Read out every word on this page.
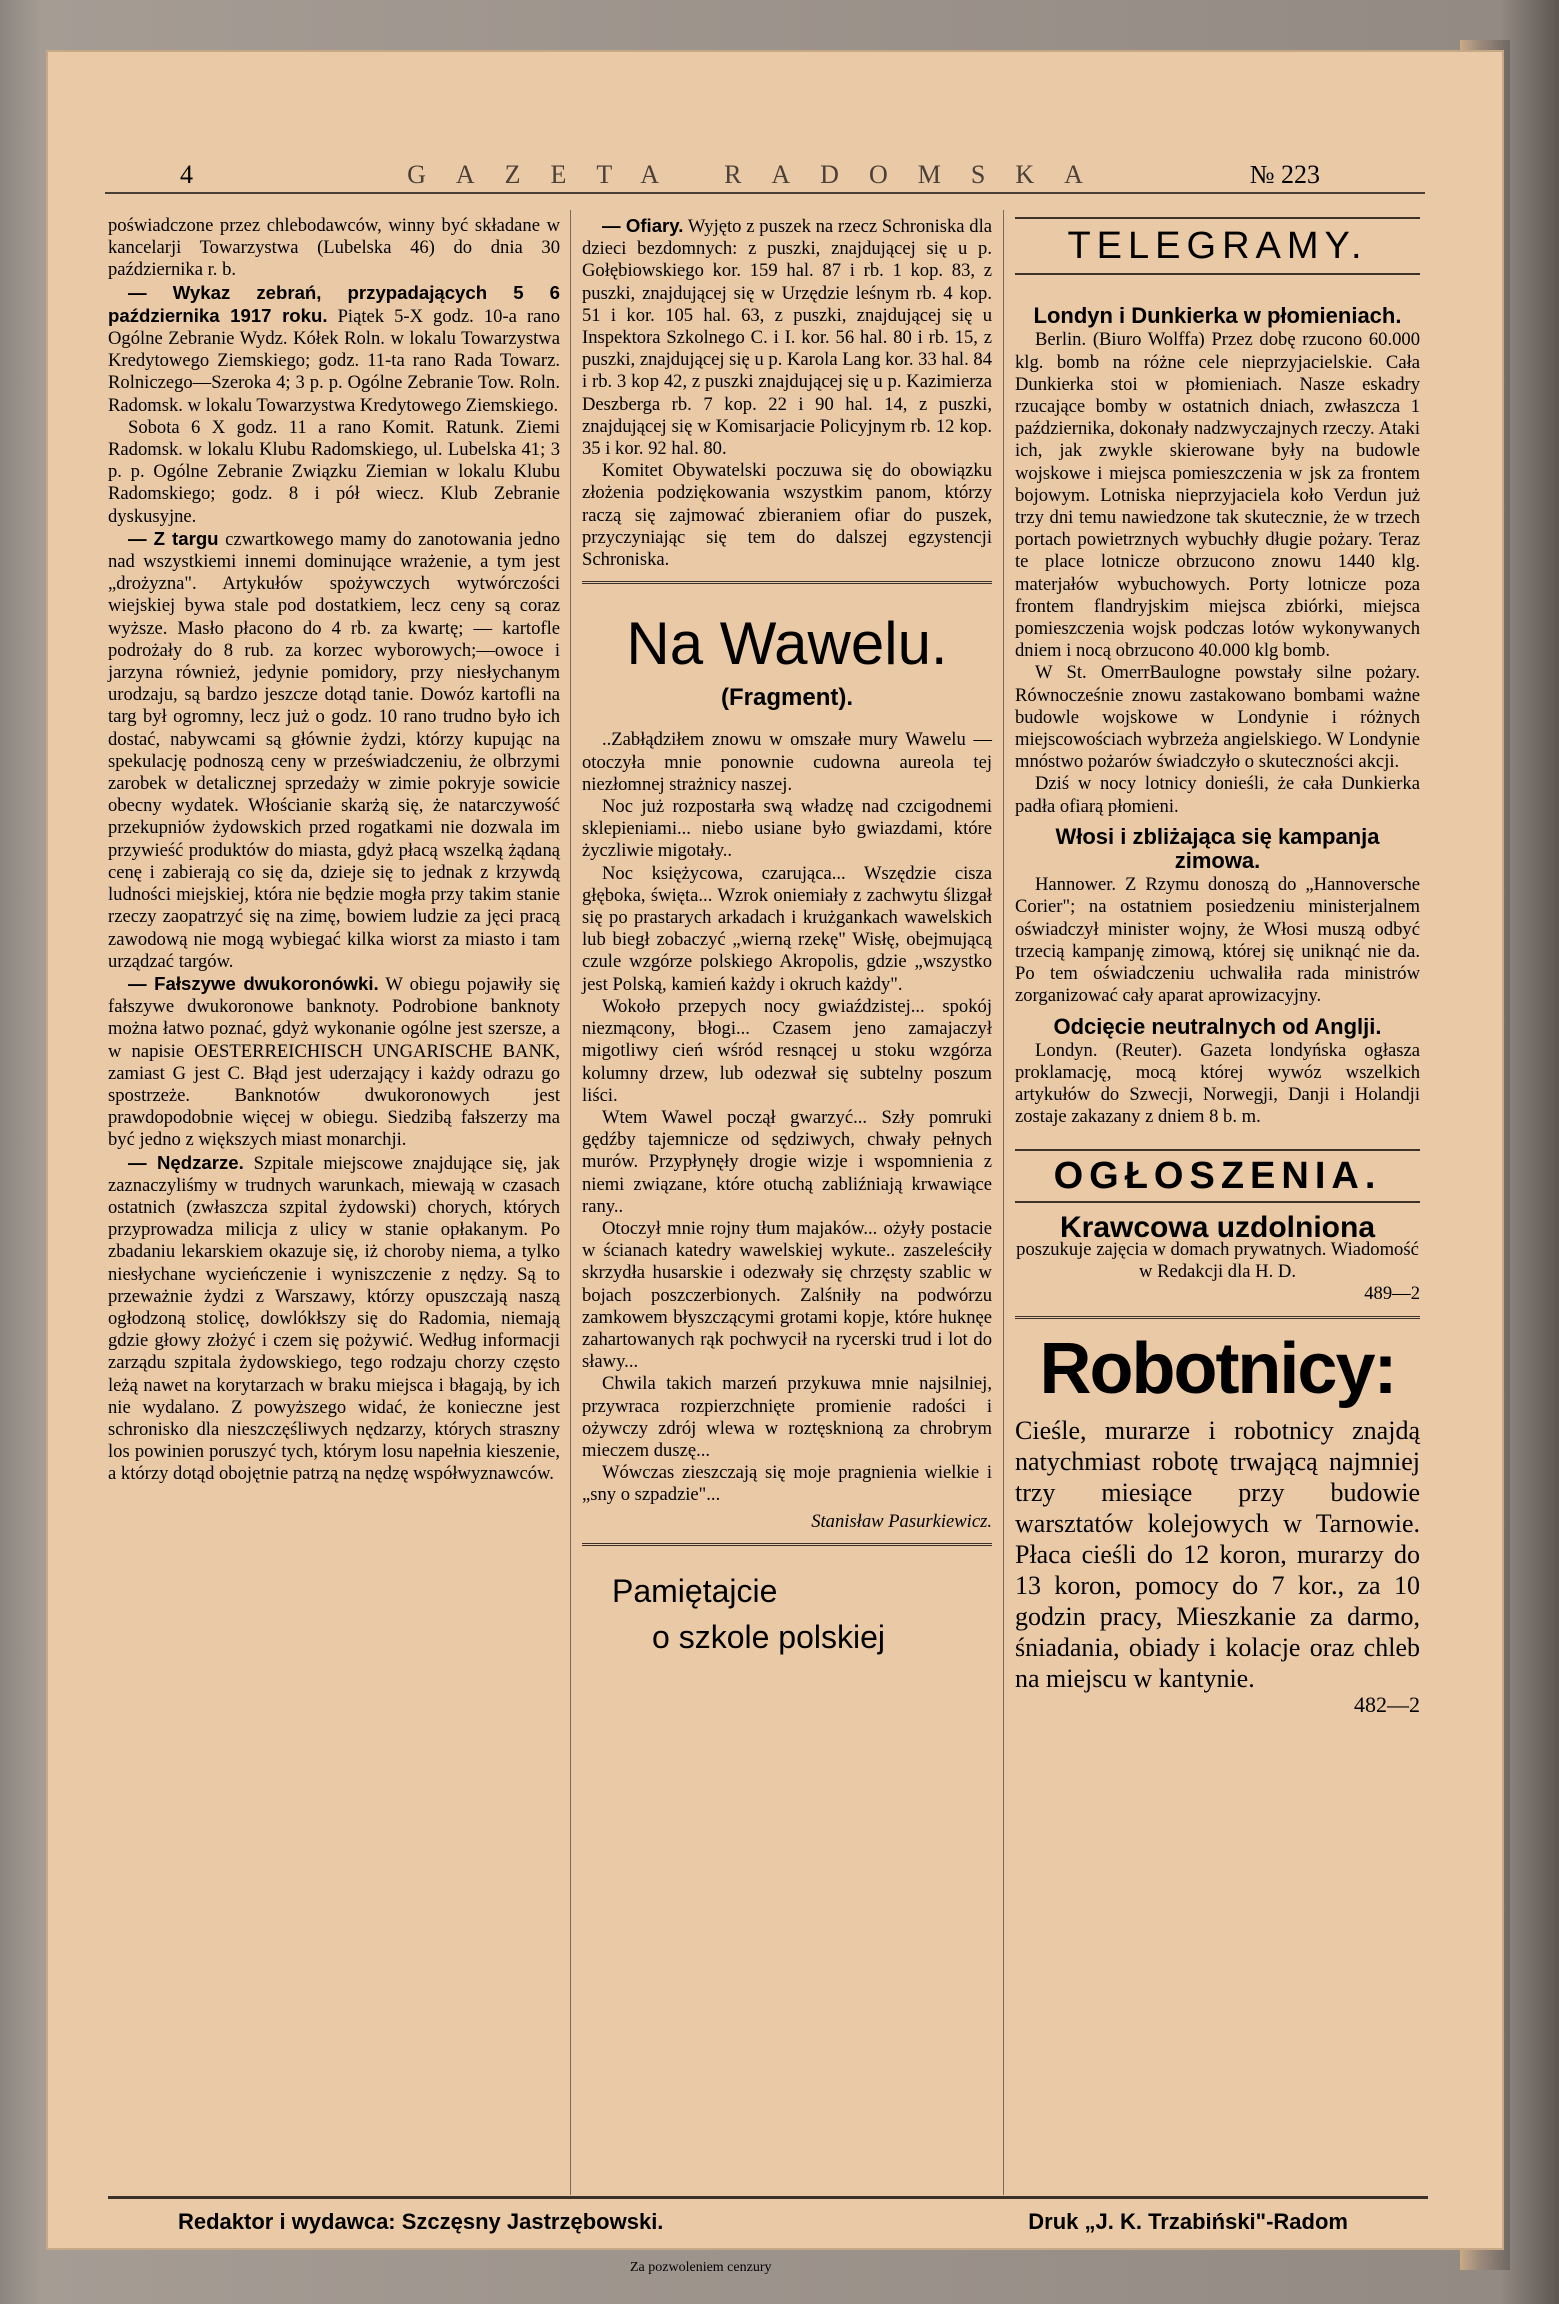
4	GAZETA RADOMSKA	№ 223

poświadczone przez chlebodawców, winny być składane w kancelarji Towarzystwa (Lubelska 46) do dnia 30 października r. b.

— Wykaz zebrań, przypadających 5 6 października 1917 roku. Piątek 5-X godz. 10-a rano Ogólne Zebranie Wydz. Kółek Roln. w lokalu Towarzystwa Kredytowego Ziemskiego; godz. 11-ta rano Rada Towarz. Rolniczego—Szeroka 4; 3 p. p. Ogólne Zebranie Tow. Roln. Radomsk. w lokalu Towarzystwa Kredytowego Ziemskiego.

Sobota 6 X godz. 11 a rano Komit. Ratunk. Ziemi Radomsk. w lokalu Klubu Radomskiego, ul. Lubelska 41; 3 p. p. Ogólne Zebranie Związku Ziemian w lokalu Klubu Radomskiego; godz. 8 i pół wiecz. Klub Zebranie dyskusyjne.

— Z targu czwartkowego mamy do zanotowania jedno nad wszystkiemi innemi dominujące wrażenie, a tym jest „drożyzna". Artykułów spożywczych wytwórczości wiejskiej bywa stale pod dostatkiem, lecz ceny są coraz wyższe. Masło płacono do 4 rb. za kwartę; — kartofle podrożały do 8 rub. za korzec wyborowych;—owoce i jarzyna również, jedynie pomidory, przy niesłychanym urodzaju, są bardzo jeszcze dotąd tanie. Dowóz kartofli na targ był ogromny, lecz już o godz. 10 rano trudno było ich dostać, nabywcami są głównie żydzi, którzy kupując na spekulację podnoszą ceny w przeświadczeniu, że olbrzymi zarobek w detalicznej sprzedaży w zimie pokryje sowicie obecny wydatek. Włościanie skarżą się, że natarczywość przekupniów żydowskich przed rogatkami nie dozwala im przywieść produktów do miasta, gdyż płacą wszelką żądaną cenę i zabierają co się da, dzieje się to jednak z krzywdą ludności miejskiej, która nie będzie mogła przy takim stanie rzeczy zaopatrzyć się na zimę, bowiem ludzie za jęci pracą zawodową nie mogą wybiegać kilka wiorst za miasto i tam urządzać targów.

— Fałszywe dwukoronówki. W obiegu pojawiły się fałszywe dwukoronowe banknoty. Podrobione banknoty można łatwo poznać, gdyż wykonanie ogólne jest szersze, a w napisie OESTERREICHISCH UNGARISCHE BANK, zamiast G jest C. Błąd jest uderzający i każdy odrazu go spostrzeże. Banknotów dwukoronowych jest prawdopodobnie więcej w obiegu. Siedzibą fałszerzy ma być jedno z większych miast monarchji.

— Nędzarze. Szpitale miejscowe znajdujące się, jak zaznaczyliśmy w trudnych warunkach, miewają w czasach ostatnich (zwłaszcza szpital żydowski) chorych, których przyprowadza milicja z ulicy w stanie opłakanym. Po zbadaniu lekarskiem okazuje się, iż choroby niema, a tylko niesłychane wycieńczenie i wyniszczenie z nędzy. Są to przeważnie żydzi z Warszawy, którzy opuszczają naszą ogłodzoną stolicę, dowlókłszy się do Radomia, niemają gdzie głowy złożyć i czem się pożywić. Według informacji zarządu szpitala żydowskiego, tego rodzaju chorzy często leżą nawet na korytarzach w braku miejsca i błagają, by ich nie wydalano. Z powyższego widać, że konieczne jest schronisko dla nieszczęśliwych nędzarzy, których straszny los powinien poruszyć tych, którym losu napełnia kieszenie, a którzy dotąd obojętnie patrzą na nędzę współwyznawców.

— Ofiary. Wyjęto z puszek na rzecz Schroniska dla dzieci bezdomnych: z puszki, znajdującej się u p. Gołębiowskiego kor. 159 hal. 87 i rb. 1 kop. 83, z puszki, znajdującej się w Urzędzie leśnym rb. 4 kop. 51 i kor. 105 hal. 63, z puszki, znajdującej się u Inspektora Szkolnego C. i I. kor. 56 hal. 80 i rb. 15, z puszki, znajdującej się u p. Karola Lang kor. 33 hal. 84 i rb. 3 kop 42, z puszki znajdującej się u p. Kazimierza Deszberga rb. 7 kop. 22 i 90 hal. 14, z puszki, znajdującej się w Komisarjacie Policyjnym rb. 12 kop. 35 i kor. 92 hal. 80.

Komitet Obywatelski poczuwa się do obowiązku złożenia podziękowania wszystkim panom, którzy raczą się zajmować zbieraniem ofiar do puszek, przyczyniając się tem do dalszej egzystencji Schroniska.

Na Wawelu.
(Fragment).

..Zabłądziłem znowu w omszałe mury Wawelu — otoczyła mnie ponownie cudowna aureola tej niezłomnej strażnicy naszej.

Noc już rozpostarła swą władzę nad czcigodnemi sklepieniami... niebo usiane było gwiazdami, które życzliwie migotały..

Noc księżycowa, czarująca... Wszędzie cisza głęboka, święta... Wzrok oniemiały z zachwytu ślizgał się po prastarych arkadach i krużgankach wawelskich lub biegł zobaczyć „wierną rzekę" Wisłę, obejmującą czule wzgórze polskiego Akropolis, gdzie „wszystko jest Polską, kamień każdy i okruch każdy".

Wokoło przepych nocy gwiaździstej... spokój niezmącony, błogi... Czasem jeno zamajaczył migotliwy cień wśród resnącej u stoku wzgórza kolumny drzew, lub odezwał się subtelny poszum liści.

Wtem Wawel począł gwarzyć... Szły pomruki gędźby tajemnicze od sędziwych, chwały pełnych murów. Przypłynęły drogie wizje i wspomnienia z niemi związane, które otuchą zabliźniają krwawiące rany..

Otoczył mnie rojny tłum majaków... ożyły postacie w ścianach katedry wawelskiej wykute.. zaszeleściły skrzydła husarskie i odezwały się chrzęsty szablic w bojach poszczerbionych. Zalśniły na podwórzu zamkowem błyszczącymi grotami kopje, które huknęe zahartowanych rąk pochwycił na rycerski trud i lot do sławy...

Chwila takich marzeń przykuwa mnie najsilniej, przywraca rozpierzchnięte promienie radości i ożywczy zdrój wlewa w roztęsknioną za chrobrym mieczem duszę...

Wówczas zieszczają się moje pragnienia wielkie i „sny o szpadzie"...

Stanisław Pasurkiewicz.
Pamiętajcie
o szkole polskiej
TELEGRAMY.
Londyn i Dunkierka w płomieniach.

Berlin. (Biuro Wolffa) Przez dobę rzucono 60.000 klg. bomb na różne cele nieprzyjacielskie. Cała Dunkierka stoi w płomieniach. Nasze eskadry rzucające bomby w ostatnich dniach, zwłaszcza 1 października, dokonały nadzwyczajnych rzeczy. Ataki ich, jak zwykle skierowane były na budowle wojskowe i miejsca pomieszczenia w jsk za frontem bojowym. Lotniska nieprzyjaciela koło Verdun już trzy dni temu nawiedzone tak skutecznie, że w trzech portach powietrznych wybuchły długie pożary. Teraz te place lotnicze obrzucono znowu 1440 klg. materjałów wybuchowych. Porty lotnicze poza frontem flandryjskim miejsca zbiórki, miejsca pomieszczenia wojsk podczas lotów wykonywanych dniem i nocą obrzucono 40.000 klg bomb.

W St. OmerrBaulogne powstały silne pożary. Równocześnie znowu zastakowano bombami ważne budowle wojskowe w Londynie i różnych miejscowościach wybrzeża angielskiego. W Londynie mnóstwo pożarów świadczyło o skuteczności akcji.

Dziś w nocy lotnicy donieśli, że cała Dunkierka padła ofiarą płomieni.

Włosi i zbliżająca się kampanja zimowa.

Hannower. Z Rzymu donoszą do „Hannoversche Corier"; na ostatniem posiedzeniu ministerjalnem oświadczył minister wojny, że Włosi muszą odbyć trzecią kampanję zimową, której się uniknąć nie da. Po tem oświadczeniu uchwaliła rada ministrów zorganizować cały aparat aprowizacyjny.

Odcięcie neutralnych od Anglji.

Londyn. (Reuter). Gazeta londyńska ogłasza proklamację, mocą której wywóz wszelkich artykułów do Szwecji, Norwegji, Danji i Holandji zostaje zakazany z dniem 8 b. m.

OGŁOSZENIA.
Krawcowa uzdolniona

poszukuje zajęcia w domach prywatnych. Wiadomość w Redakcji dla H. D.

489—2
Robotnicy:

Cieśle, murarze i robotnicy znajdą natychmiast robotę trwającą najmniej trzy miesiące przy budowie warsztatów kolejowych w Tarnowie. Płaca cieśli do 12 koron, murarzy do 13 koron, pomocy do 7 kor., za 10 godzin pracy, Mieszkanie za darmo, śniadania, obiady i kolacje oraz chleb na miejscu w kantynie.

482—2
Redaktor i wydawca: Szczęsny Jastrzębowski.	Druk „J. K. Trzabiński"-Radom
Za pozwoleniem cenzury
